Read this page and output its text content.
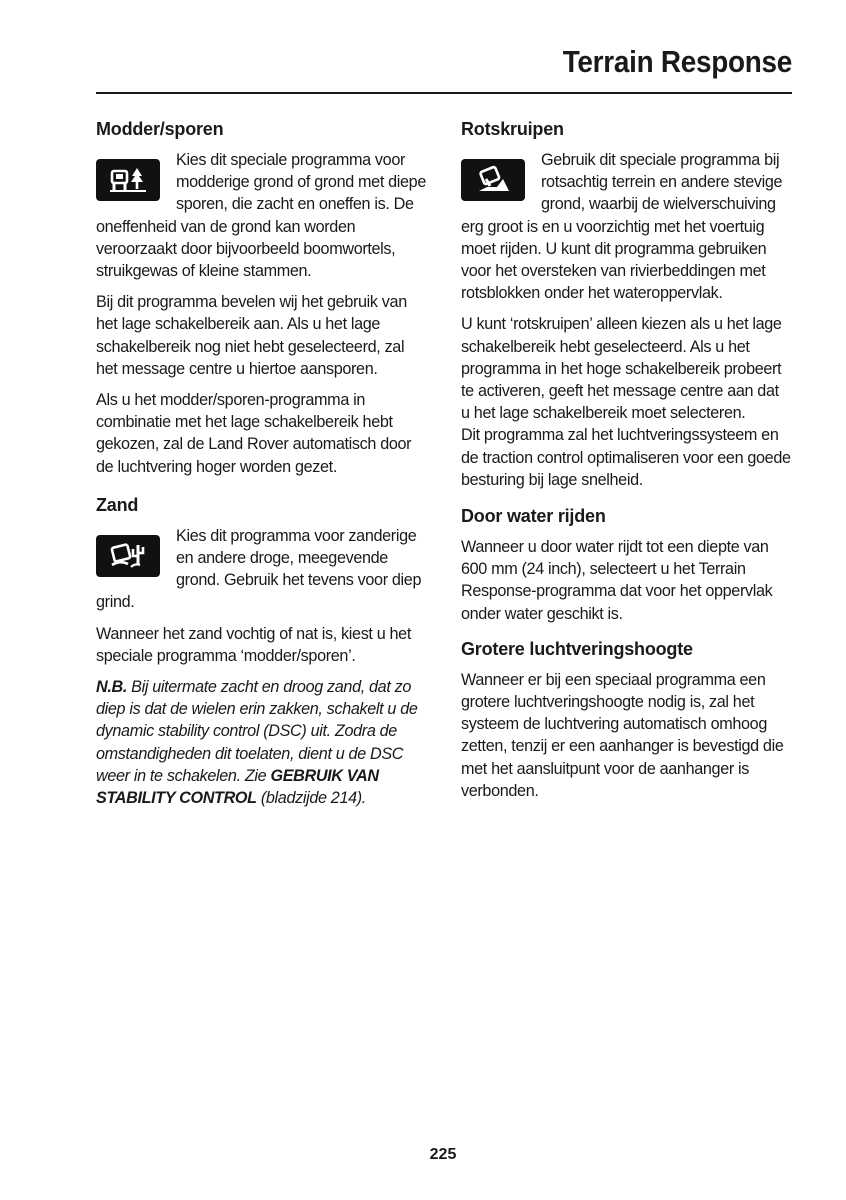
Terrain Response
Modder/sporen

Kies dit speciale programma voor modderige grond of grond met diepe sporen, die zacht en oneffen is. De oneffenheid van de grond kan worden veroorzaakt door bijvoorbeeld boomwortels, struikgewas of kleine stammen.

Bij dit programma bevelen wij het gebruik van het lage schakelbereik aan. Als u het lage schakelbereik nog niet hebt geselecteerd, zal het message centre u hiertoe aansporen.

Als u het modder/sporen-programma in combinatie met het lage schakelbereik hebt gekozen, zal de Land Rover automatisch door de luchtvering hoger worden gezet.

Zand

Kies dit programma voor zanderige en andere droge, meegevende grond. Gebruik het tevens voor diep grind.

Wanneer het zand vochtig of nat is, kiest u het speciale programma ‘modder/sporen’.

N.B. Bij uitermate zacht en droog zand, dat zo diep is dat de wielen erin zakken, schakelt u de dynamic stability control (DSC) uit. Zodra de omstandigheden dit toelaten, dient u de DSC weer in te schakelen. Zie GEBRUIK VAN STABILITY CONTROL (bladzijde 214).

Rotskruipen

Gebruik dit speciale programma bij rotsachtig terrein en andere stevige grond, waarbij de wielverschuiving erg groot is en u voorzichtig met het voertuig moet rijden. U kunt dit programma gebruiken voor het oversteken van rivierbeddingen met rotsblokken onder het wateroppervlak.

U kunt ‘rotskruipen’ alleen kiezen als u het lage schakelbereik hebt geselecteerd. Als u het programma in het hoge schakelbereik probeert te activeren, geeft het message centre aan dat u het lage schakelbereik moet selecteren.
Dit programma zal het luchtveringssysteem en de traction control optimaliseren voor een goede besturing bij lage snelheid.

Door water rijden

Wanneer u door water rijdt tot een diepte van 600 mm (24 inch), selecteert u het Terrain Response-programma dat voor het oppervlak onder water geschikt is.

Grotere luchtveringshoogte

Wanneer er bij een speciaal programma een grotere luchtveringshoogte nodig is, zal het systeem de luchtvering automatisch omhoog zetten, tenzij er een aanhanger is bevestigd die met het aansluitpunt voor de aanhanger is verbonden.

225
